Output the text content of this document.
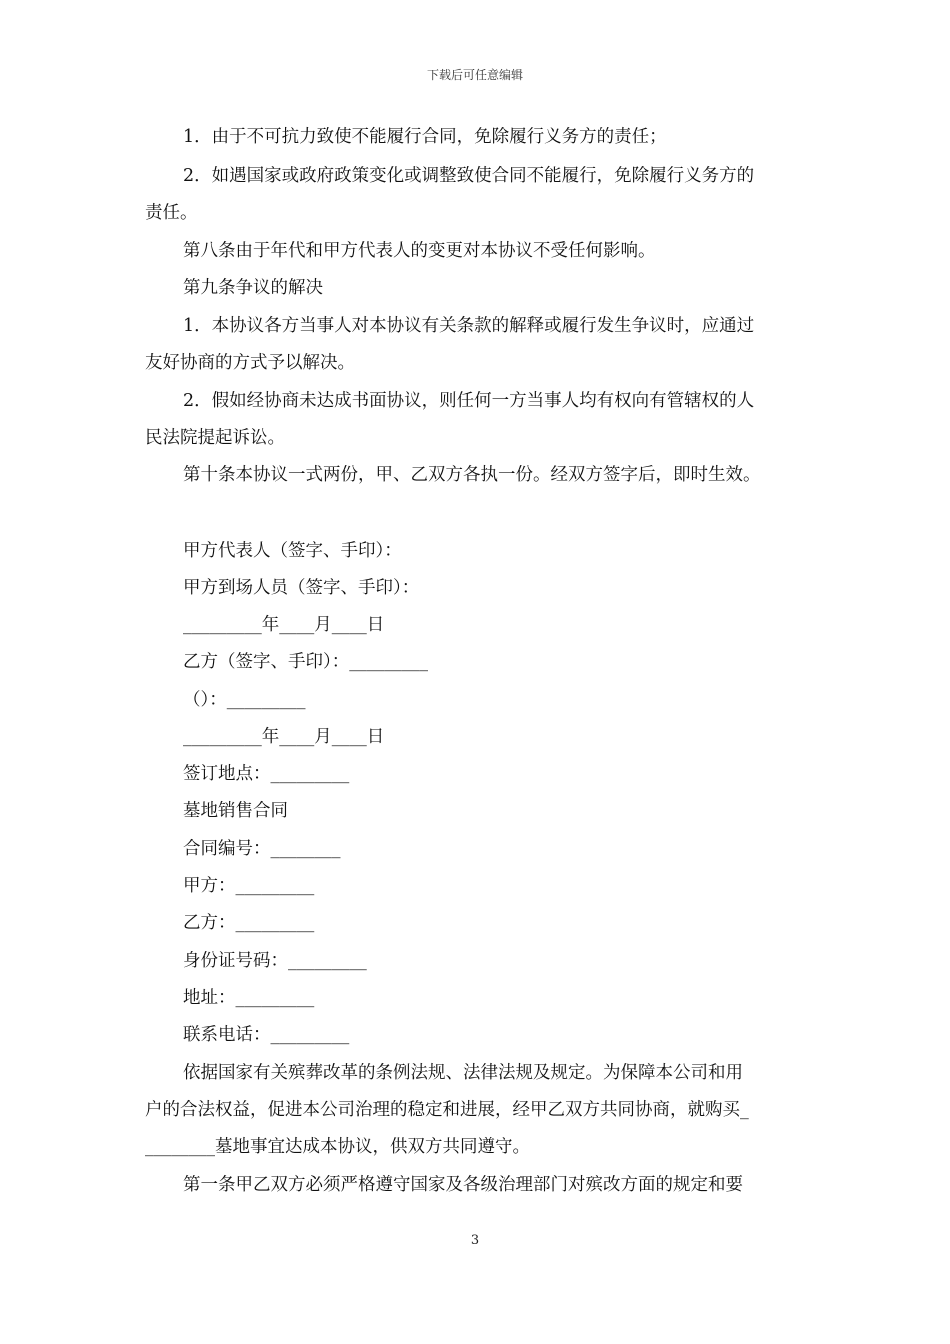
下载后可任意编辑
1．由于不可抗力致使不能履行合同，免除履行义务方的责任；
2．如遇国家或政府政策变化或调整致使合同不能履行，免除履行义务方的
责任。
第八条由于年代和甲方代表人的变更对本协议不受任何影响。
第九条争议的解决
1．本协议各方当事人对本协议有关条款的解释或履行发生争议时，应通过
友好协商的方式予以解决。
2．假如经协商未达成书面协议，则任何一方当事人均有权向有管辖权的人
民法院提起诉讼。
第十条本协议一式两份，甲、乙双方各执一份。经双方签字后，即时生效。
甲方代表人（签字、手印）：
甲方到场人员（签字、手印）：
_________年____月____日
乙方（签字、手印）：_________
（）：_________
_________年____月____日
签订地点：_________
墓地销售合同
合同编号：________
甲方：_________
乙方：_________
身份证号码：_________
地址：_________
联系电话：_________
依据国家有关殡葬改革的条例法规、法律法规及规定。为保障本公司和用
户的合法权益，促进本公司治理的稳定和进展，经甲乙双方共同协商，就购买_
________墓地事宜达成本协议，供双方共同遵守。
第一条甲乙双方必须严格遵守国家及各级治理部门对殡改方面的规定和要
3
